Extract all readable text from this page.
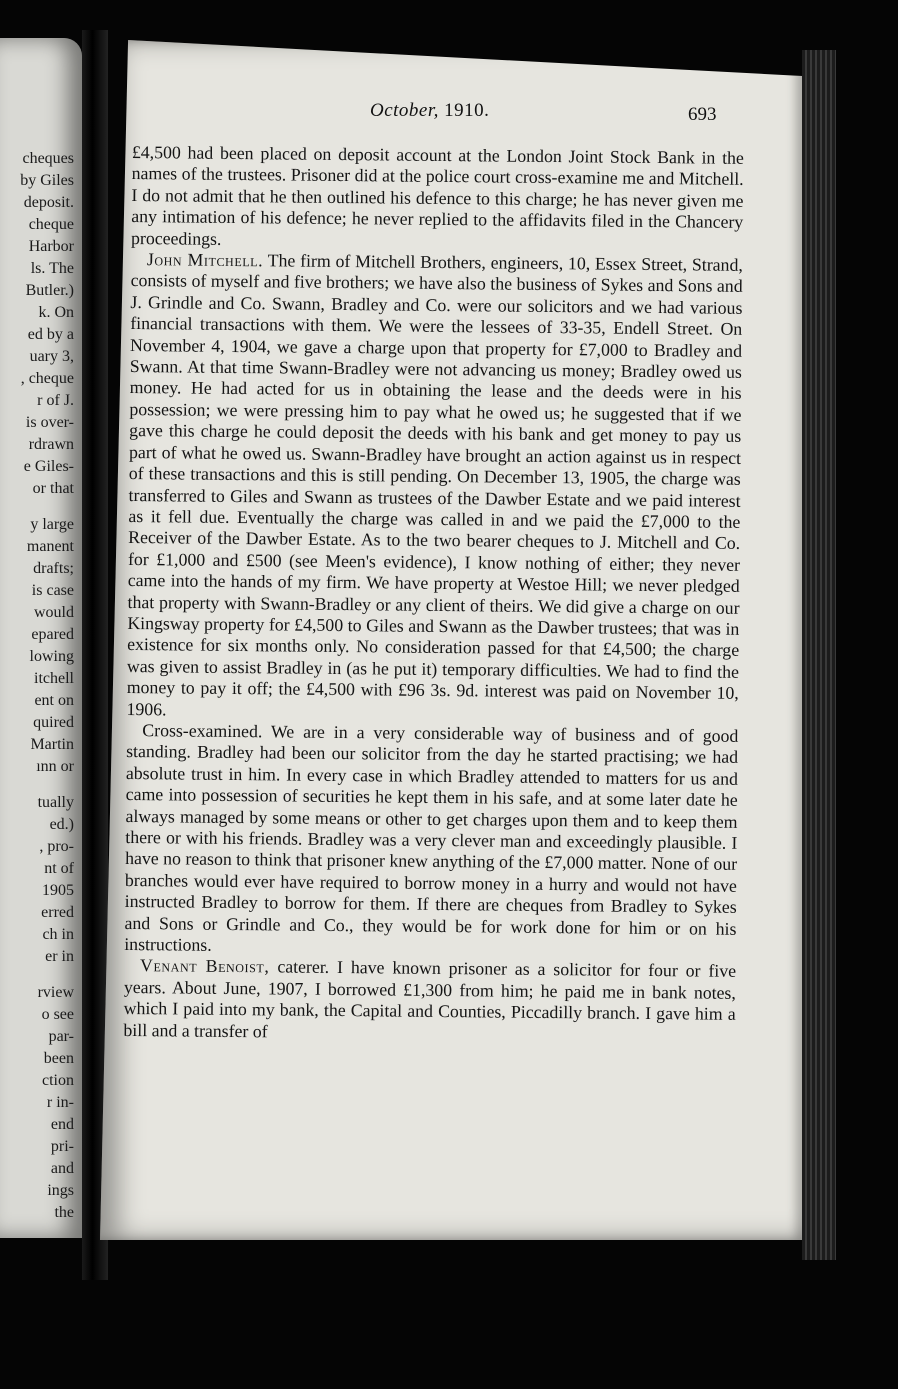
cheques
by Giles
deposit.
cheque
Harbor
ls. The
Butler.)
k. On
ed by a
uary 3,
, cheque
r of J.
is over-
rdrawn
e Giles-
or that
y large
manent
drafts;
is case
would
epared
lowing
itchell
ent on
quired
Martin
ınn or
tually
ed.)
, pro-
nt of
1905
erred
ch in
er in
rview
o see
par-
been
ction
r in-
end
pri-
and
ings
the
October, 1910.	693

£4,500 had been placed on deposit account at the London Joint Stock Bank in the names of the trustees. Prisoner did at the police court cross-examine me and Mitchell. I do not admit that he then outlined his defence to this charge; he has never given me any intimation of his defence; he never replied to the affidavits filed in the Chancery proceedings.

John Mitchell. The firm of Mitchell Brothers, engineers, 10, Essex Street, Strand, consists of myself and five brothers; we have also the business of Sykes and Sons and J. Grindle and Co. Swann, Bradley and Co. were our solicitors and we had various financial transactions with them. We were the lessees of 33-35, Endell Street. On November 4, 1904, we gave a charge upon that property for £7,000 to Bradley and Swann. At that time Swann-Bradley were not advancing us money; Bradley owed us money. He had acted for us in obtaining the lease and the deeds were in his possession; we were pressing him to pay what he owed us; he suggested that if we gave this charge he could deposit the deeds with his bank and get money to pay us part of what he owed us. Swann-Bradley have brought an action against us in respect of these transactions and this is still pending. On December 13, 1905, the charge was transferred to Giles and Swann as trustees of the Dawber Estate and we paid interest as it fell due. Eventually the charge was called in and we paid the £7,000 to the Receiver of the Dawber Estate. As to the two bearer cheques to J. Mitchell and Co. for £1,000 and £500 (see Meen's evidence), I know nothing of either; they never came into the hands of my firm. We have property at Westoe Hill; we never pledged that property with Swann-Bradley or any client of theirs. We did give a charge on our Kingsway property for £4,500 to Giles and Swann as the Dawber trustees; that was in existence for six months only. No consideration passed for that £4,500; the charge was given to assist Bradley in (as he put it) temporary difficulties. We had to find the money to pay it off; the £4,500 with £96 3s. 9d. interest was paid on November 10, 1906.

Cross-examined. We are in a very considerable way of business and of good standing. Bradley had been our solicitor from the day he started practising; we had absolute trust in him. In every case in which Bradley attended to matters for us and came into possession of securities he kept them in his safe, and at some later date he always managed by some means or other to get charges upon them and to keep them there or with his friends. Bradley was a very clever man and exceedingly plausible. I have no reason to think that prisoner knew anything of the £7,000 matter. None of our branches would ever have required to borrow money in a hurry and would not have instructed Bradley to borrow for them. If there are cheques from Bradley to Sykes and Sons or Grindle and Co., they would be for work done for him or on his instructions.

Venant Benoist, caterer. I have known prisoner as a solicitor for four or five years. About June, 1907, I borrowed £1,300 from him; he paid me in bank notes, which I paid into my bank, the Capital and Counties, Piccadilly branch. I gave him a bill and a transfer of
